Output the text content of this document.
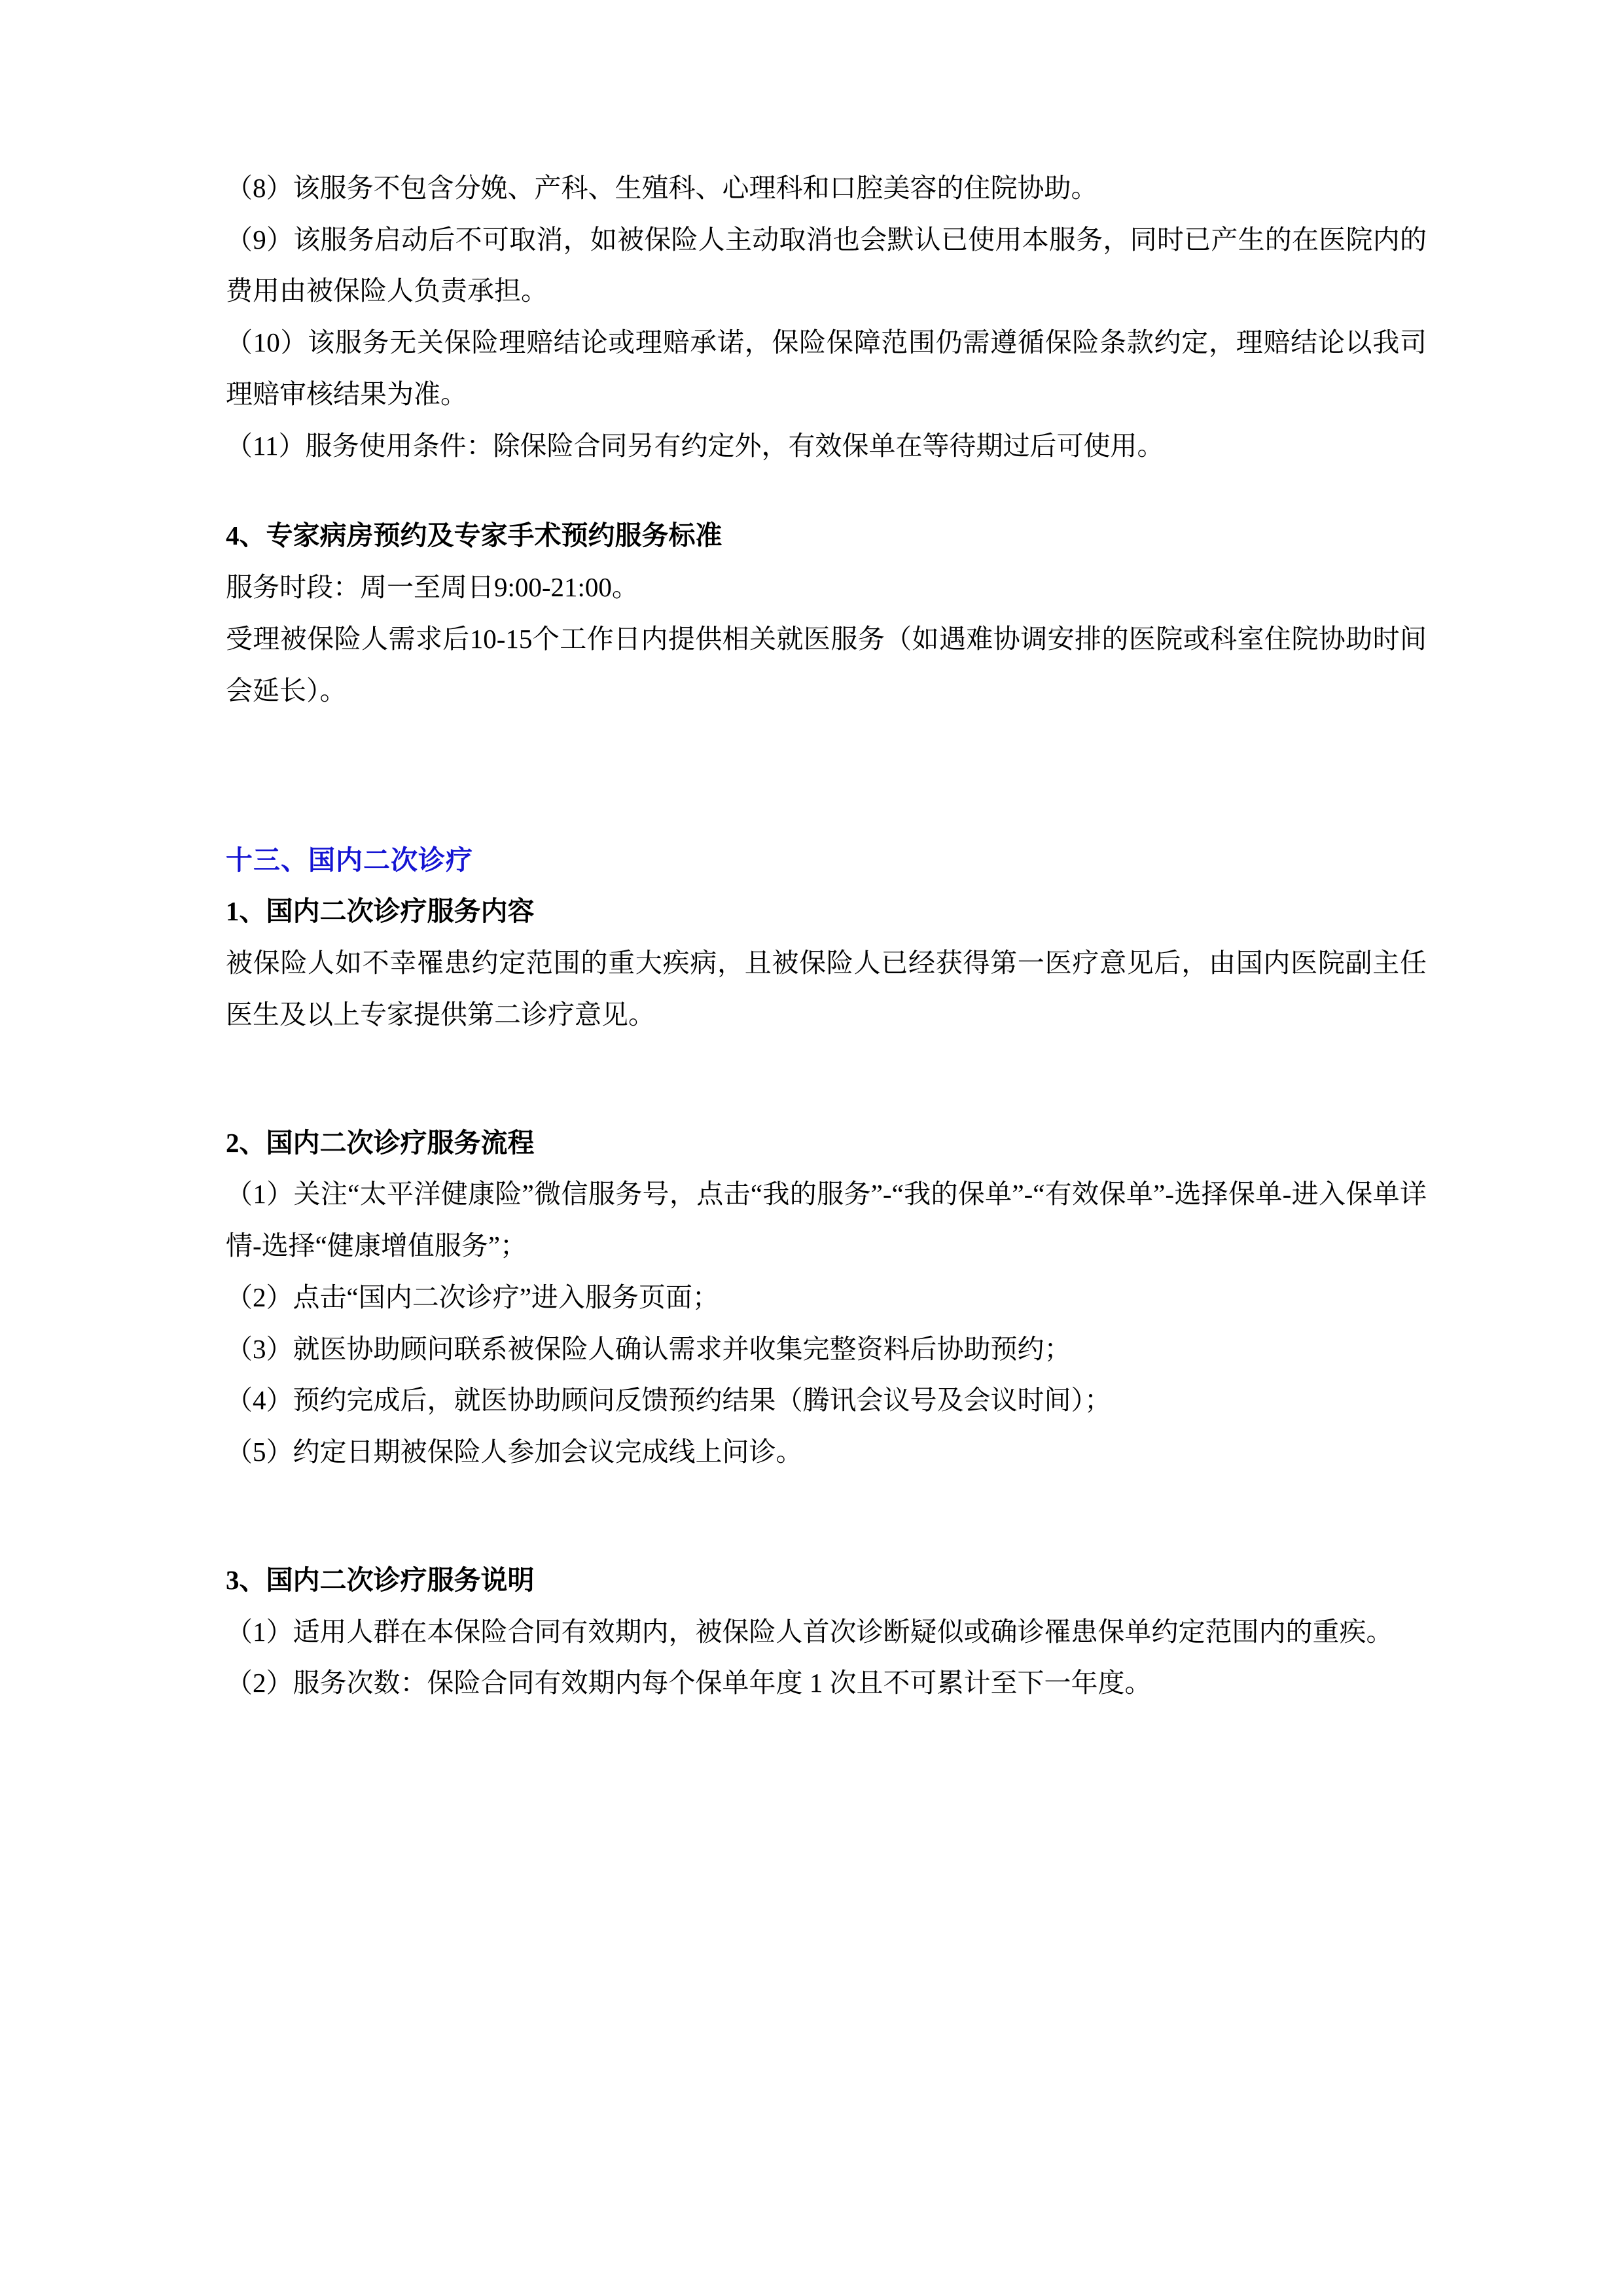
（8）该服务不包含分娩、产科、生殖科、心理科和口腔美容的住院协助。

（9）该服务启动后不可取消，如被保险人主动取消也会默认已使用本服务，同时已产生的在医院内的费用由被保险人负责承担。

（10）该服务无关保险理赔结论或理赔承诺，保险保障范围仍需遵循保险条款约定，理赔结论以我司理赔审核结果为准。

（11）服务使用条件：除保险合同另有约定外，有效保单在等待期过后可使用。

4、专家病房预约及专家手术预约服务标准

服务时段：周一至周日9:00-21:00。

受理被保险人需求后10-15个工作日内提供相关就医服务（如遇难协调安排的医院或科室住院协助时间会延长）。

十三、国内二次诊疗

1、国内二次诊疗服务内容

被保险人如不幸罹患约定范围的重大疾病，且被保险人已经获得第一医疗意见后，由国内医院副主任医生及以上专家提供第二诊疗意见。

2、国内二次诊疗服务流程

（1）关注“太平洋健康险”微信服务号，点击“我的服务”-“我的保单”-“有效保单”-选择保单-进入保单详情-选择“健康增值服务”；

（2）点击“国内二次诊疗”进入服务页面；

（3）就医协助顾问联系被保险人确认需求并收集完整资料后协助预约；

（4）预约完成后，就医协助顾问反馈预约结果（腾讯会议号及会议时间）；

（5）约定日期被保险人参加会议完成线上问诊。

3、国内二次诊疗服务说明

（1）适用人群在本保险合同有效期内，被保险人首次诊断疑似或确诊罹患保单约定范围内的重疾。

（2）服务次数：保险合同有效期内每个保单年度 1 次且不可累计至下一年度。
